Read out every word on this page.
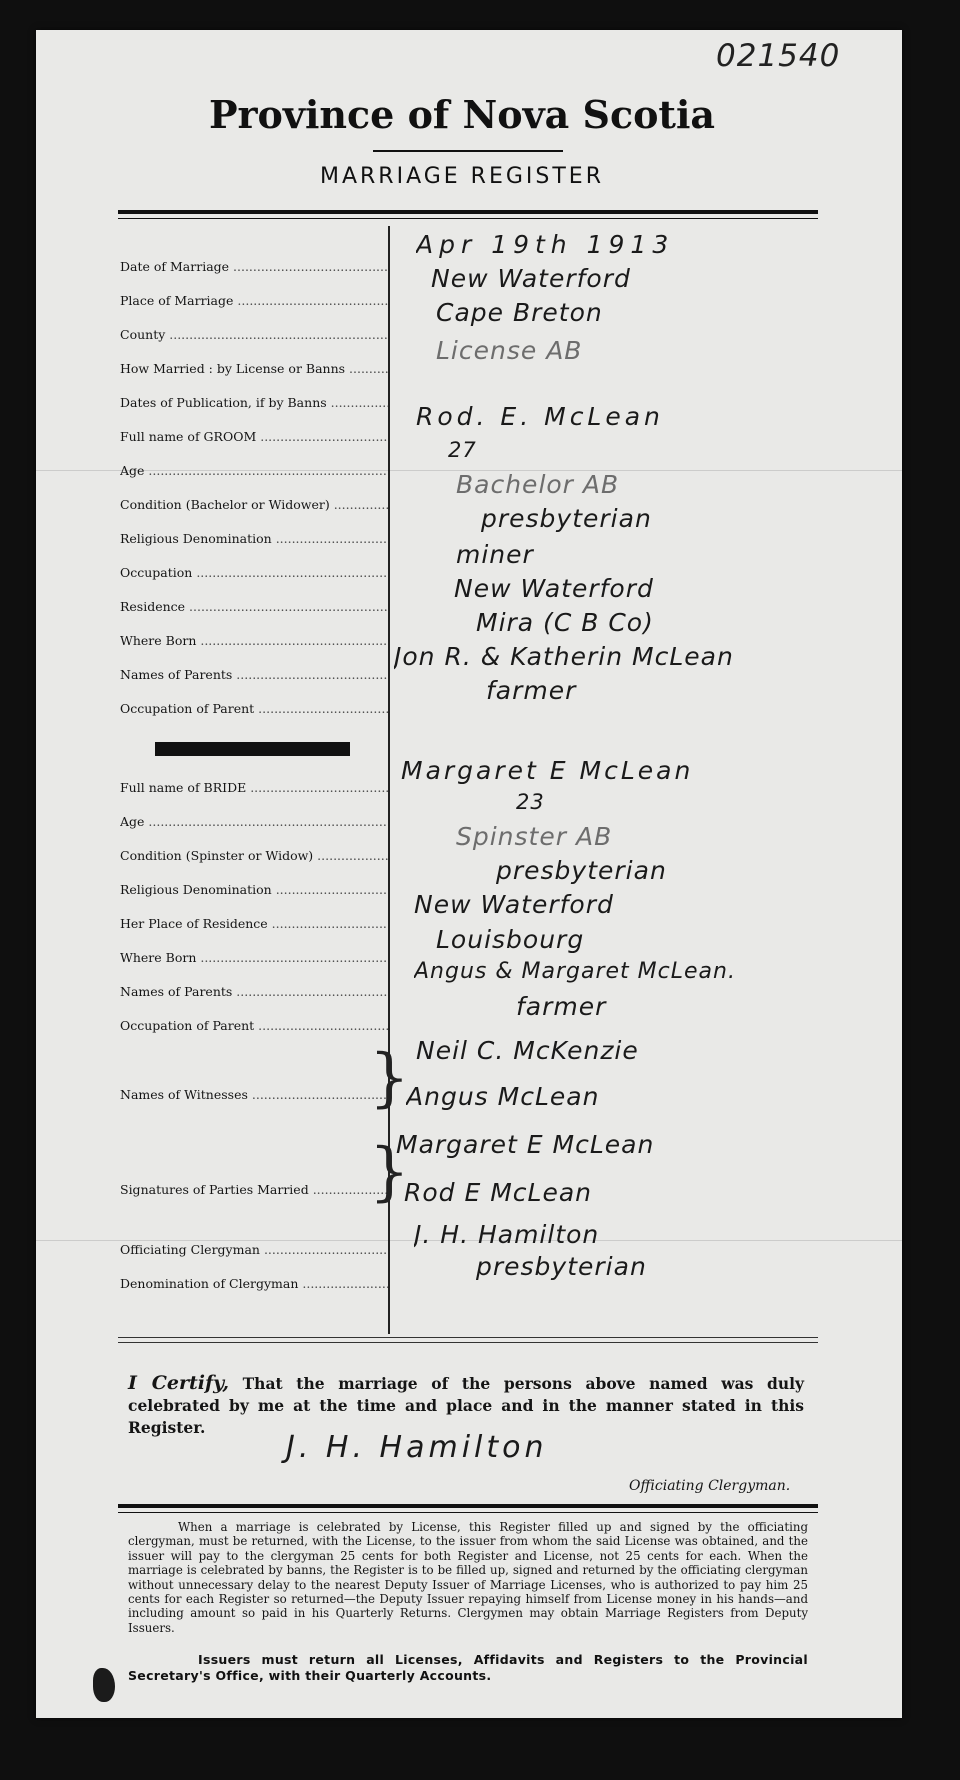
021540
Province of Nova Scotia
MARRIAGE REGISTER
Date of Marriage .....
Apr 19th 1913
Place of Marriage .....
New Waterford
County .....
Cape Breton
How Married : by License or Banns .....
License AB
Dates of Publication, if by Banns .....
Full name of GROOM .....
Rod. E. McLean
Age .....
27
Condition (Bachelor or Widower) .....
Bachelor AB
Religious Denomination .....
presbyterian
Occupation .....
miner
Residence .....
New Waterford
Where Born .....
Mira (C B Co)
Names of Parents .....
Jon R. & Katherin McLean
Occupation of Parent .....
farmer
Full name of BRIDE .....
Margaret E McLean
Age .....
23
Condition (Spinster or Widow) .....
Spinster AB
Religious Denomination .....
presbyterian
Her Place of Residence .....
New Waterford
Where Born .....
Louisbourg
Names of Parents .....
Angus & Margaret McLean.
Occupation of Parent .....
farmer
Names of Witnesses .....	} Neil C. McKenzie
Angus McLean
Signatures of Parties Married ..... }
Margaret E McLean
Rod E McLean
Officiating Clergyman .....
J. H. Hamilton
Denomination of Clergyman .....
presbyterian
I Certify, That the marriage of the persons above named was duly celebrated by me at the time and place and in the manner stated in this Register.
J. H. Hamilton
Officiating Clergyman.
When a marriage is celebrated by License, this Register filled up and signed by the officiating clergyman, must be returned, with the License, to the issuer from whom the said License was obtained, and the issuer will pay to the clergyman 25 cents for both Register and License, not 25 cents for each. When the marriage is celebrated by banns, the Register is to be filled up, signed and returned by the officiating clergyman without unnecessary delay to the nearest Deputy Issuer of Marriage Licenses, who is authorized to pay him 25 cents for each Register so returned—the Deputy Issuer repaying himself from License money in his hands—and including amount so paid in his Quarterly Returns. Clergymen may obtain Marriage Registers from Deputy Issuers.
Issuers must return all Licenses, Affidavits and Registers to the Provincial Secretary's Office, with their Quarterly Accounts.
